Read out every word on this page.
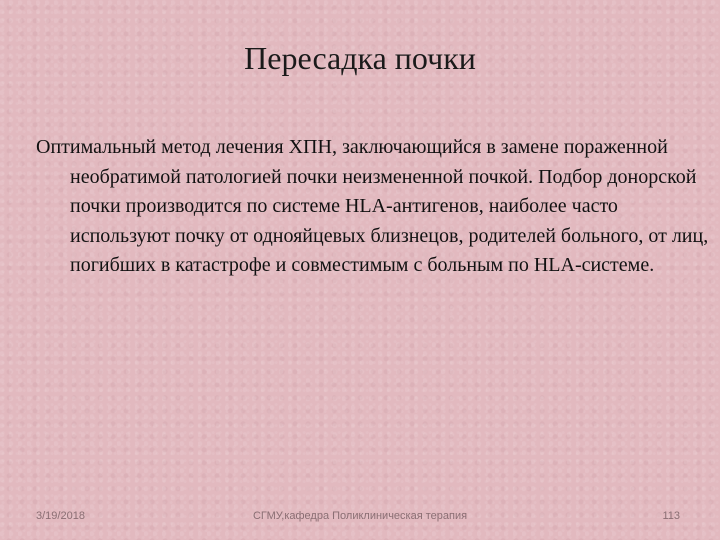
Пересадка почки

Оптимальный метод лечения ХПН, заключающийся в замене пораженной необратимой патологией почки неизмененной почкой. Подбор донорской почки производится по системе HLA-антигенов, наиболее часто используют почку от однояйцевых близнецов, родителей больного, от лиц, погибших в катастрофе и совместимым с больным по HLA-системе.

3/19/2018	СГМУ,кафедра Поликлиническая терапия	113
